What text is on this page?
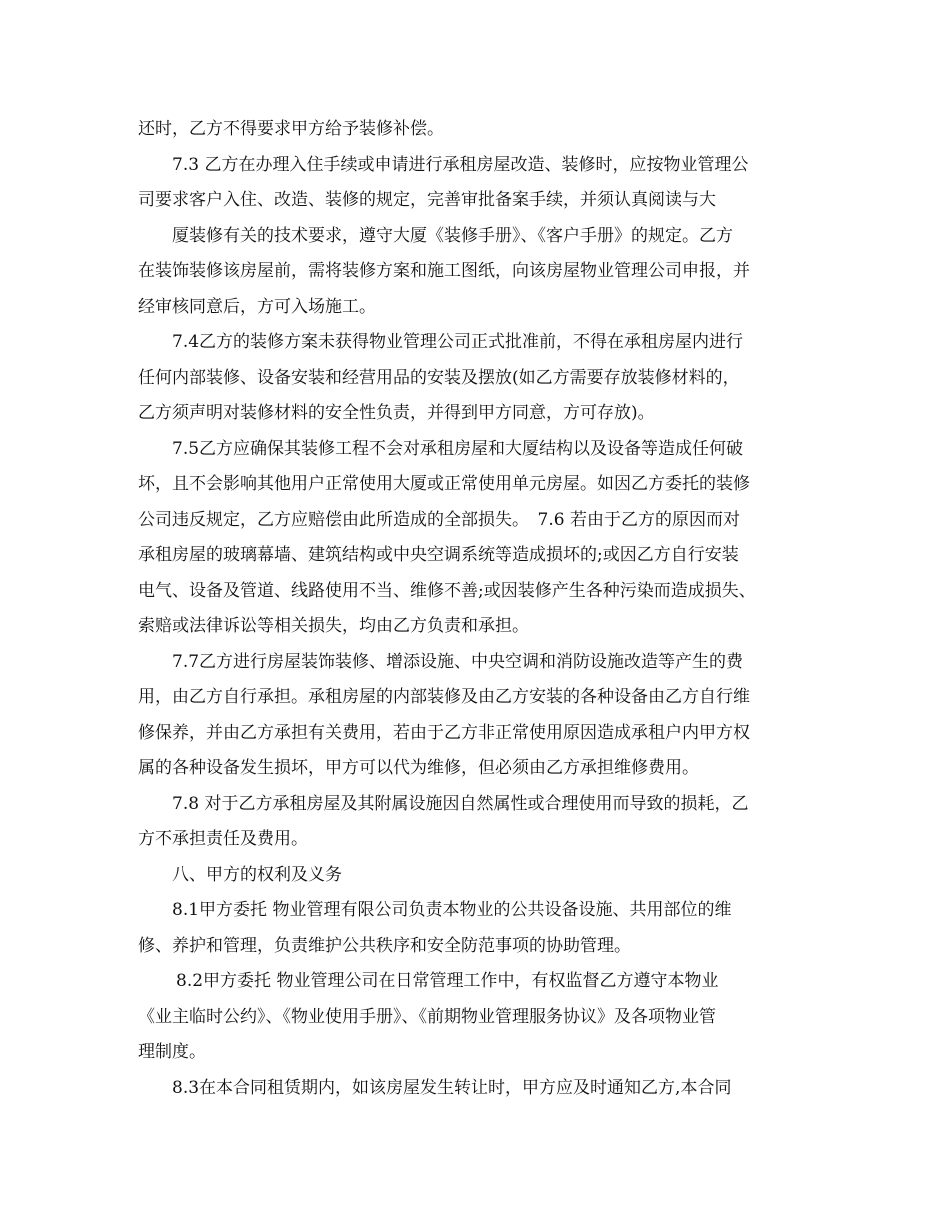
还时，乙方不得要求甲方给予装修补偿。
7.3 乙方在办理入住手续或申请进行承租房屋改造、装修时，应按物业管理公
司要求客户入住、改造、装修的规定，完善审批备案手续，并须认真阅读与大
厦装修有关的技术要求，遵守大厦《装修手册》、《客户手册》的规定。乙方
在装饰装修该房屋前，需将装修方案和施工图纸，向该房屋物业管理公司申报，并
经审核同意后，方可入场施工。
7.4乙方的装修方案未获得物业管理公司正式批准前，不得在承租房屋内进行
任何内部装修、设备安装和经营用品的安装及摆放(如乙方需要存放装修材料的，
乙方须声明对装修材料的安全性负责，并得到甲方同意，方可存放)。
7.5乙方应确保其装修工程不会对承租房屋和大厦结构以及设备等造成任何破
坏，且不会影响其他用户正常使用大厦或正常使用单元房屋。如因乙方委托的装修
公司违反规定，乙方应赔偿由此所造成的全部损失。　7.6 若由于乙方的原因而对
承租房屋的玻璃幕墙、建筑结构或中央空调系统等造成损坏的;或因乙方自行安装
电气、设备及管道、线路使用不当、维修不善;或因装修产生各种污染而造成损失、
索赔或法律诉讼等相关损失，均由乙方负责和承担。
7.7乙方进行房屋装饰装修、增添设施、中央空调和消防设施改造等产生的费
用，由乙方自行承担。承租房屋的内部装修及由乙方安装的各种设备由乙方自行维
修保养，并由乙方承担有关费用，若由于乙方非正常使用原因造成承租户内甲方权
属的各种设备发生损坏，甲方可以代为维修，但必须由乙方承担维修费用。
7.8 对于乙方承租房屋及其附属设施因自然属性或合理使用而导致的损耗，乙
方不承担责任及费用。
八、甲方的权利及义务
8.1甲方委托 物业管理有限公司负责本物业的公共设备设施、共用部位的维
修、养护和管理，负责维护公共秩序和安全防范事项的协助管理。
8.2甲方委托 物业管理公司在日常管理工作中，有权监督乙方遵守本物业
《业主临时公约》、《物业使用手册》、《前期物业管理服务协议》及各项物业管
理制度。
8.3在本合同租赁期内，如该房屋发生转让时，甲方应及时通知乙方,本合同
